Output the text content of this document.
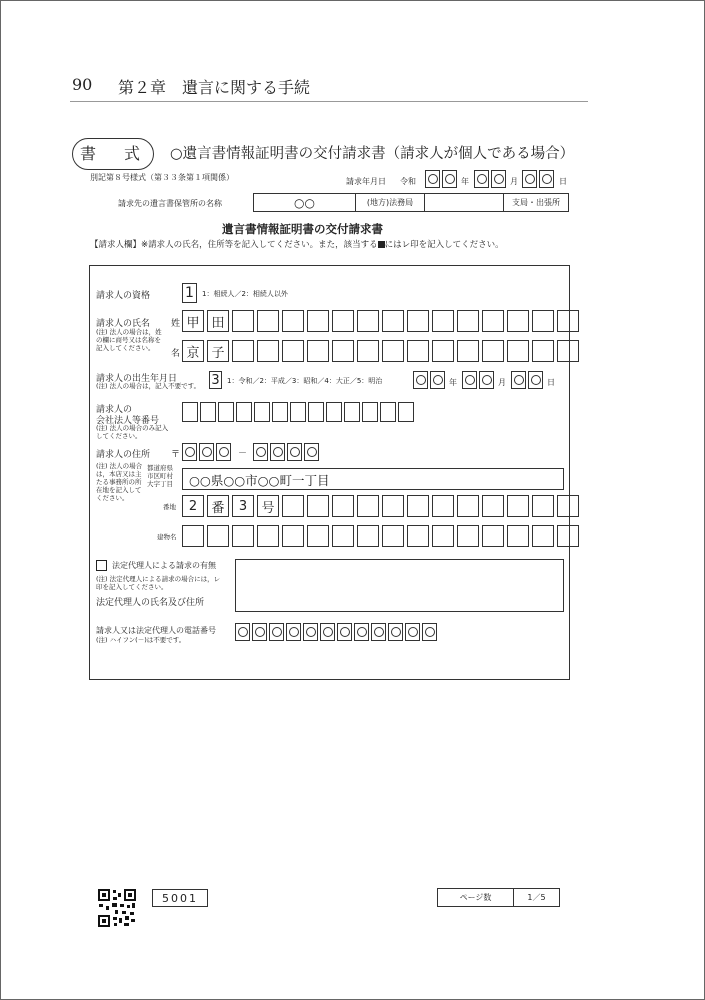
90 第２章　遺言に関する手続
書　式	○遺言書情報証明書の交付請求書（請求人が個人である場合）
別記第８号様式（第３３条第１項関係）	請求年月日 令和	年	月	日
請求先の遺言書保管所の名称	○○	(地方)法務局	支局・出張所
遺言書情報証明書の交付請求書
【請求人欄】※請求人の氏名，住所等を記入してください。また，該当する にはレ印を記入してください。
請求人の資格	1 1：相続人／2：相続人以外
請求人の氏名
(注) 法人の場合は，姓の欄に商号又は名称を記入してください。
姓 甲 田
名 京 子
請求人の出生年月日
(注) 法人の場合は，記入不要です。 3 1：令和／2：平成／3：昭和／4：大正／5：明治	年	月	日
請求人の
会社法人等番号
(注) 法人の場合のみ記入してください。
請求人の住所 〒	－
(注) 法人の場合は，本店又は主たる事務所の所在地を記入してください。
都道府県市区町村大字丁目	○○県○○市○○町一丁目
番地 2	番	3	号
建物名
法定代理人による請求の有無
(注) 法定代理人による請求の場合には，レ印を記入してください。
法定代理人の氏名及び住所
請求人又は法定代理人の電話番号
(注) ハイフン(－)は不要です。
5001	ページ数	1／5
